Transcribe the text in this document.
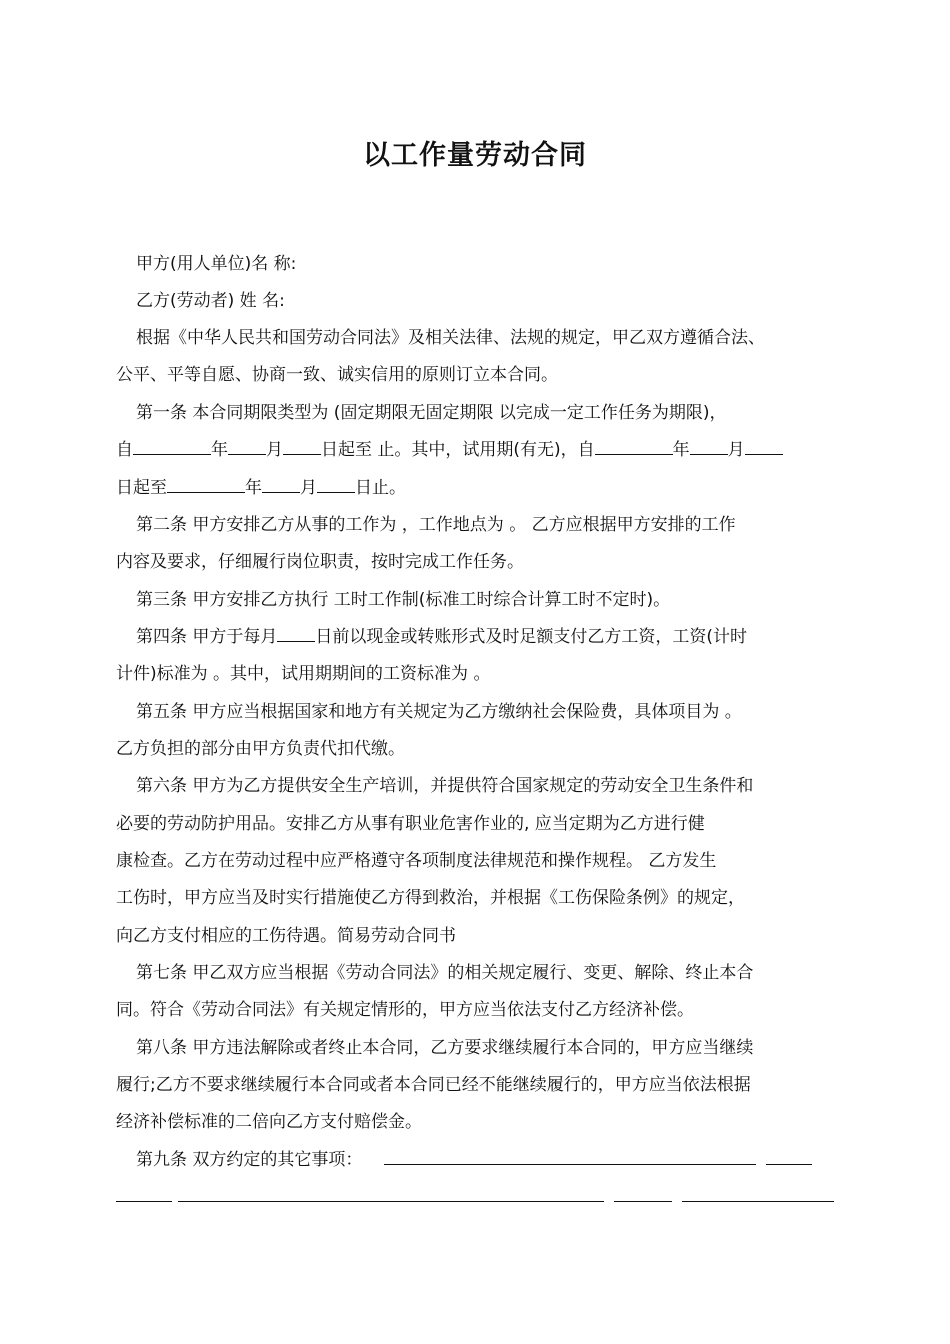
以工作量劳动合同
甲方(用人单位)名 称:
乙方(劳动者) 姓 名:
根据《中华人民共和国劳动合同法》及相关法律、法规的规定，甲乙双方遵循合法、
公平、平等自愿、协商一致、诚实信用的原则订立本合同。
第一条 本合同期限类型为 (固定期限无固定期限 以完成一定工作任务为期限)，
自	年 月 日起至 止。其中，试用期(有无)，自	年 月
日起至	年 月 日止。
第二条 甲方安排乙方从事的工作为 ，工作地点为 。 乙方应根据甲方安排的工作
内容及要求，仔细履行岗位职责，按时完成工作任务。
第三条 甲方安排乙方执行 工时工作制(标准工时综合计算工时不定时)。
第四条 甲方于每月 日前以现金或转账形式及时足额支付乙方工资，工资(计时
计件)标准为 。其中，试用期期间的工资标准为 。
第五条 甲方应当根据国家和地方有关规定为乙方缴纳社会保险费，具体项目为 。
乙方负担的部分由甲方负责代扣代缴。
第六条 甲方为乙方提供安全生产培训，并提供符合国家规定的劳动安全卫生条件和
必要的劳动防护用品。安排乙方从事有职业危害作业的, 应当定期为乙方进行健
康检查。乙方在劳动过程中应严格遵守各项制度法律规范和操作规程。 乙方发生
工伤时，甲方应当及时实行措施使乙方得到救治，并根据《工伤保险条例》的规定，
向乙方支付相应的工伤待遇。简易劳动合同书
第七条 甲乙双方应当根据《劳动合同法》的相关规定履行、变更、解除、终止本合
同。符合《劳动合同法》有关规定情形的，甲方应当依法支付乙方经济补偿。
第八条 甲方违法解除或者终止本合同，乙方要求继续履行本合同的，甲方应当继续
履行;乙方不要求继续履行本合同或者本合同已经不能继续履行的，甲方应当依法根据
经济补偿标准的二倍向乙方支付赔偿金。
第九条 双方约定的其它事项：
